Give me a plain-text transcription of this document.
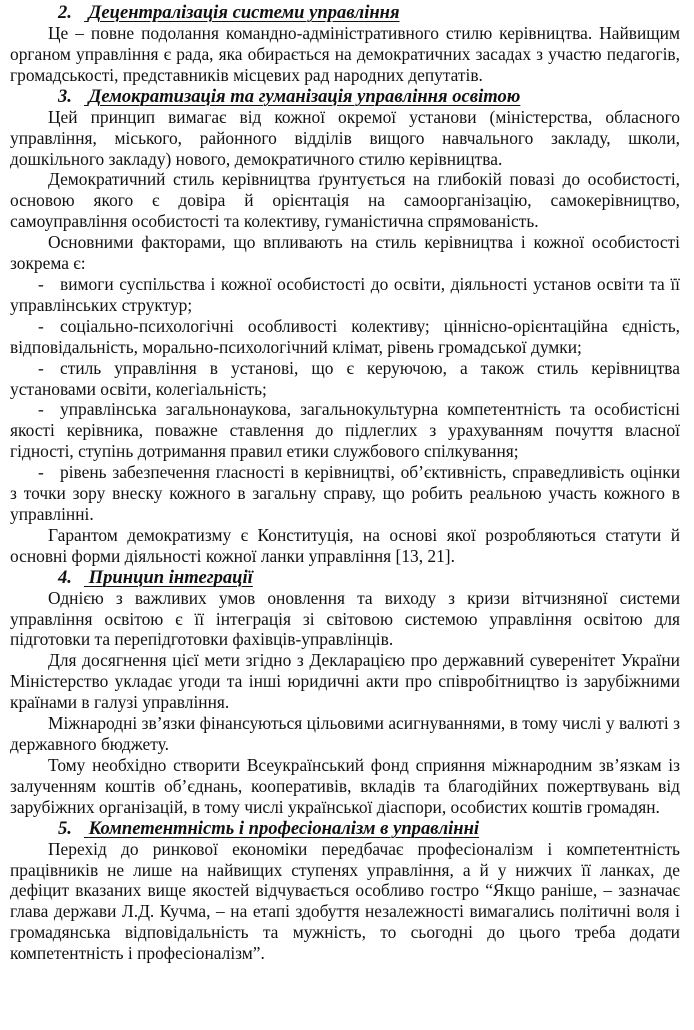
2. Децентралізація системи управління

Це – повне подолання командно-адміністративного стилю керівництва. Найвищим органом управління є рада, яка обирається на демократичних засадах з участю педагогів, громадськості, представників місцевих рад народних депутатів.

3. Демократизація та гуманізація управління освітою

Цей принцип вимагає від кожної окремої установи (міністерства, обласного управління, міського, районного відділів вищого навчального закладу, школи, дошкільного закладу) нового, демократичного стилю керівництва.

Демократичний стиль керівництва ґрунтується на глибокій повазі до особистості, основою якого є довіра й орієнтація на самоорганізацію, самокерівництво, самоуправління особистості та колективу, гуманістична спрямованість.

Основними факторами, що впливають на стиль керівництва і кожної особистості зокрема є:

- вимоги суспільства і кожної особистості до освіти, діяльності установ освіти та її управлінських структур;

- соціально-психологічні особливості колективу; ціннісно-орієнтаційна єдність, відповідальність, морально-психологічний клімат, рівень громадської думки;

- стиль управління в установі, що є керуючою, а також стиль керівництва установами освіти, колегіальність;

- управлінська загальнонаукова, загальнокультурна компетентність та особистісні якості керівника, поважне ставлення до підлеглих з урахуванням почуття власної гідності, ступінь дотримання правил етики службового спілкування;

- рівень забезпечення гласності в керівництві, об’єктивність, справедливість оцінки з точки зору внеску кожного в загальну справу, що робить реальною участь кожного в управлінні.

Гарантом демократизму є Конституція, на основі якої розробляються статути й основні форми діяльності кожної ланки управління [13, 21].

4. Принцип інтеграції

Однією з важливих умов оновлення та виходу з кризи вітчизняної системи управління освітою є її інтеграція зі світовою системою управління освітою для підготовки та перепідготовки фахівців-управлінців.

Для досягнення цієї мети згідно з Декларацією про державний суверенітет України Міністерство укладає угоди та інші юридичні акти про співробітництво із зарубіжними країнами в галузі управління.

Міжнародні зв’язки фінансуються цільовими асигнуваннями, в тому числі у валюті з державного бюджету.

Тому необхідно створити Всеукраїнський фонд сприяння міжнародним зв’язкам із залученням коштів об’єднань, кооперативів, вкладів та благодійних пожертвувань від зарубіжних організацій, в тому числі української діаспори, особистих коштів громадян.

5. Компетентність і професіоналізм в управлінні

Перехід до ринкової економіки передбачає професіоналізм і компетентність працівників не лише на найвищих ступенях управління, а й у нижчих її ланках, де дефіцит вказаних вище якостей відчувається особливо гостро “Якщо раніше, – зазначає глава держави Л.Д. Кучма, – на етапі здобуття незалежності вимагались політичні воля і громадянська відповідальність та мужність, то сьогодні до цього треба додати компетентність і професіоналізм”.
